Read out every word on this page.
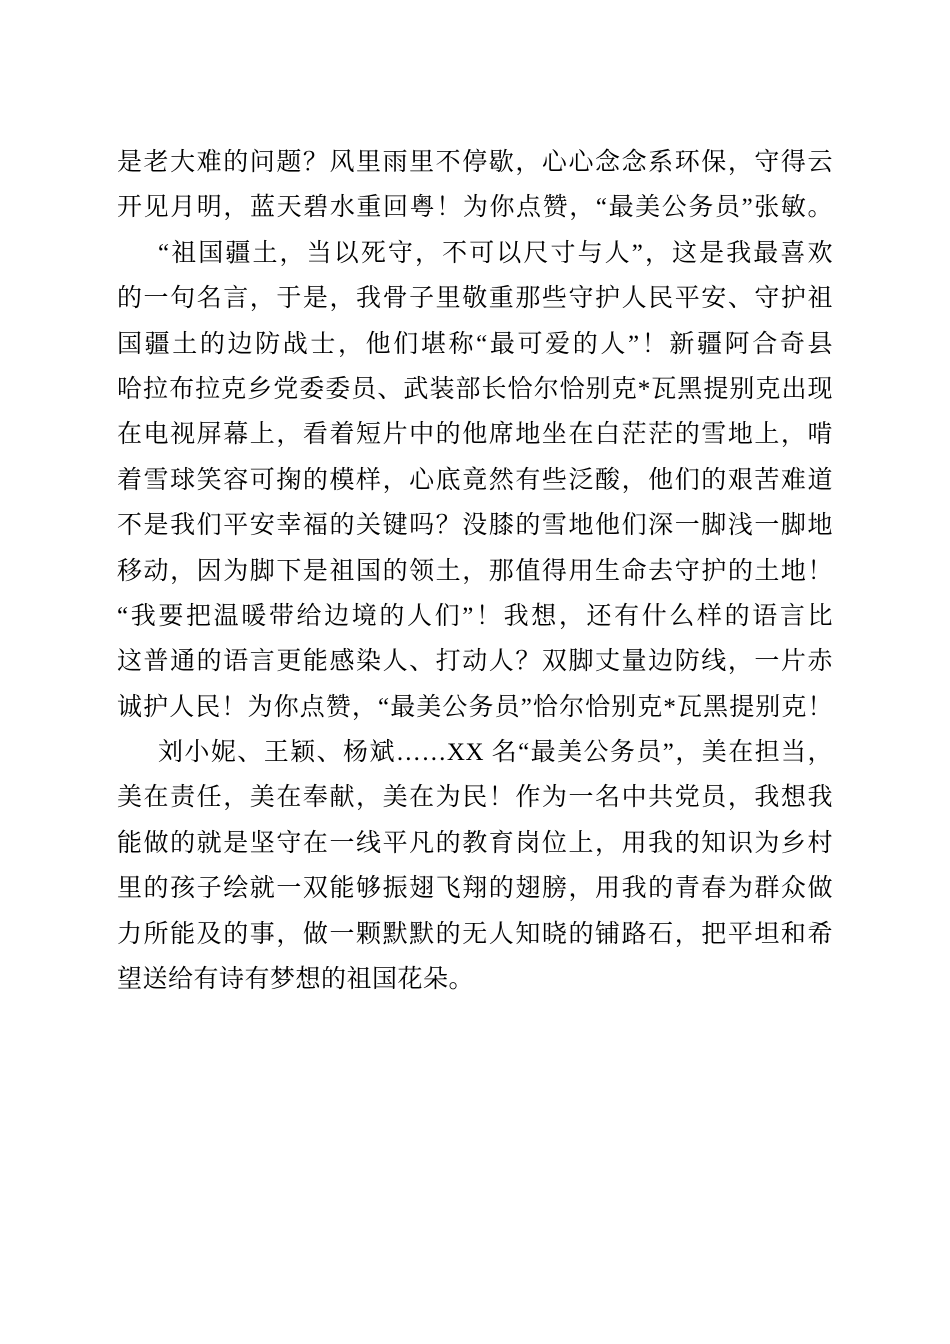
是老大难的问题？风里雨里不停歇，心心念念系环保，守得云
开见月明，蓝天碧水重回粤！为你点赞，“最美公务员”张敏。
“祖国疆土，当以死守，不可以尺寸与人”，这是我最喜欢
的一句名言，于是，我骨子里敬重那些守护人民平安、守护祖
国疆土的边防战士，他们堪称“最可爱的人”！新疆阿合奇县
哈拉布拉克乡党委委员、武装部长恰尔恰别克*瓦黑提别克出现
在电视屏幕上，看着短片中的他席地坐在白茫茫的雪地上，啃
着雪球笑容可掬的模样，心底竟然有些泛酸，他们的艰苦难道
不是我们平安幸福的关键吗？没膝的雪地他们深一脚浅一脚地
移动，因为脚下是祖国的领土，那值得用生命去守护的土地！
“我要把温暖带给边境的人们”！我想，还有什么样的语言比
这普通的语言更能感染人、打动人？双脚丈量边防线，一片赤
诚护人民！为你点赞，“最美公务员”恰尔恰别克*瓦黑提别克！
刘小妮、王颖、杨斌……XX 名“最美公务员”，美在担当，
美在责任，美在奉献，美在为民！作为一名中共党员，我想我
能做的就是坚守在一线平凡的教育岗位上，用我的知识为乡村
里的孩子绘就一双能够振翅飞翔的翅膀，用我的青春为群众做
力所能及的事，做一颗默默的无人知晓的铺路石，把平坦和希
望送给有诗有梦想的祖国花朵。
